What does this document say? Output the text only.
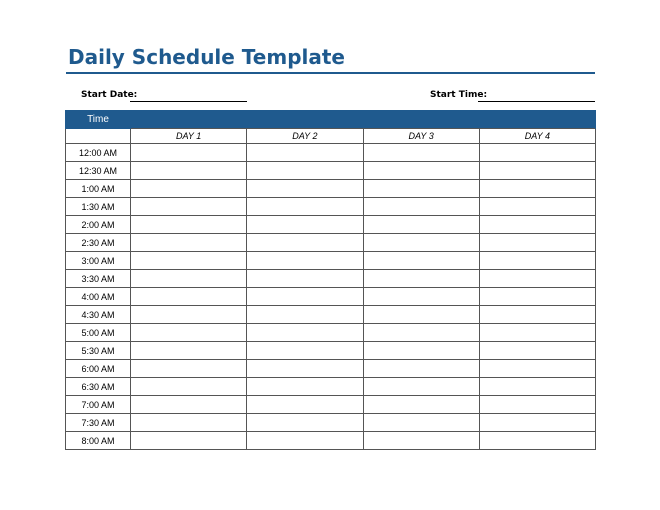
Daily Schedule Template
Start Date:	Start Time:
Time				
	DAY 1	DAY 2	DAY 3	DAY 4
12:00 AM				
12:30 AM				
1:00 AM				
1:30 AM				
2:00 AM				
2:30 AM				
3:00 AM				
3:30 AM				
4:00 AM				
4:30 AM				
5:00 AM				
5:30 AM				
6:00 AM				
6:30 AM				
7:00 AM				
7:30 AM				
8:00 AM				
